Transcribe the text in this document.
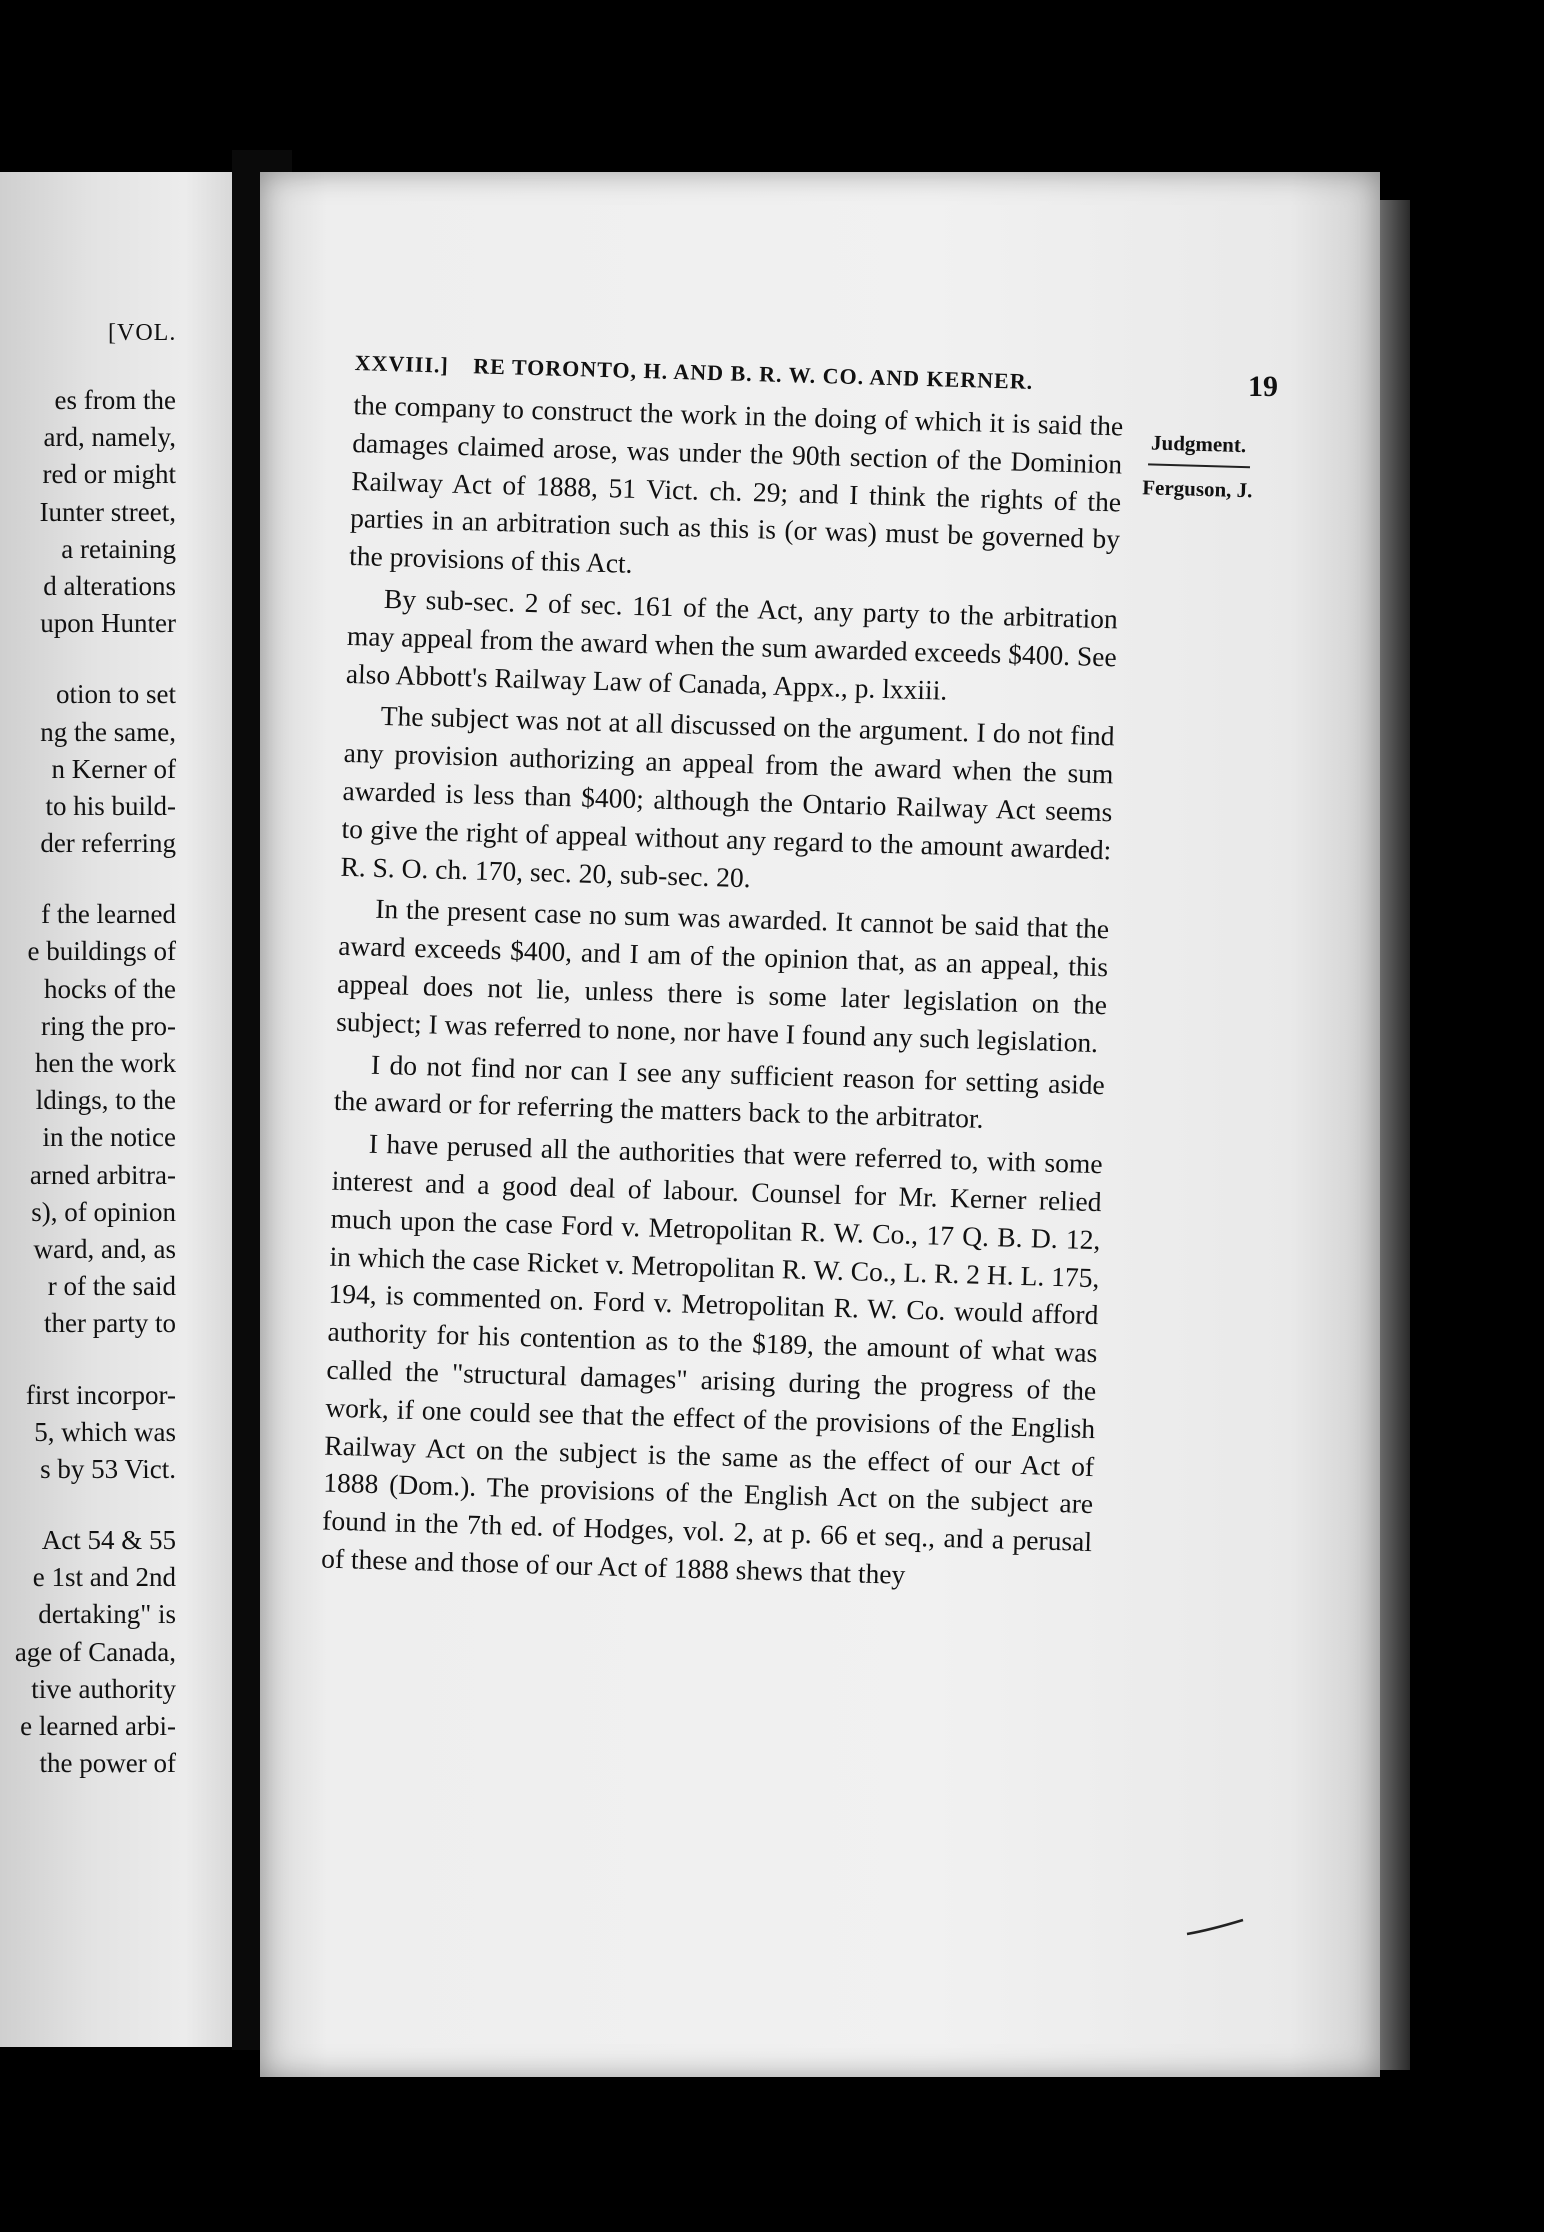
[VOL.
es from the
ard, namely,
red or might
Iunter street,
a retaining
d alterations
upon Hunter
otion to set
ng the same,
n Kerner of
to his build-
der referring
f the learned
e buildings of
hocks of the
ring the pro-
hen the work
ldings, to the
in the notice
arned arbitra-
s), of opinion
ward, and, as
r of the said
ther party to
first incorpor-
5, which was
s by 53 Vict.
Act 54 & 55
e 1st and 2nd
dertaking" is
age of Canada,
tive authority
e learned arbi-
the power of
XXVIII.] RE TORONTO, H. AND B. R. W. CO. AND KERNER.

the company to construct the work in the doing of which it is said the damages claimed arose, was under the 90th section of the Dominion Railway Act of 1888, 51 Vict. ch. 29; and I think the rights of the parties in an arbitration such as this is (or was) must be governed by the provisions of this Act.

By sub-sec. 2 of sec. 161 of the Act, any party to the arbitration may appeal from the award when the sum awarded exceeds $400. See also Abbott's Railway Law of Canada, Appx., p. lxxiii.

The subject was not at all discussed on the argument. I do not find any provision authorizing an appeal from the award when the sum awarded is less than $400; although the Ontario Railway Act seems to give the right of appeal without any regard to the amount awarded: R. S. O. ch. 170, sec. 20, sub-sec. 20.

In the present case no sum was awarded. It cannot be said that the award exceeds $400, and I am of the opinion that, as an appeal, this appeal does not lie, unless there is some later legislation on the subject; I was referred to none, nor have I found any such legislation.

I do not find nor can I see any sufficient reason for setting aside the award or for referring the matters back to the arbitrator.

I have perused all the authorities that were referred to, with some interest and a good deal of labour. Counsel for Mr. Kerner relied much upon the case Ford v. Metropolitan R. W. Co., 17 Q. B. D. 12, in which the case Ricket v. Metropolitan R. W. Co., L. R. 2 H. L. 175, 194, is commented on. Ford v. Metropolitan R. W. Co. would afford authority for his contention as to the $189, the amount of what was called the "structural damages" arising during the progress of the work, if one could see that the effect of the provisions of the English Railway Act on the subject is the same as the effect of our Act of 1888 (Dom.). The provisions of the English Act on the subject are found in the 7th ed. of Hodges, vol. 2, at p. 66 et seq., and a perusal of these and those of our Act of 1888 shews that they

19
Judgment.
Ferguson, J.
